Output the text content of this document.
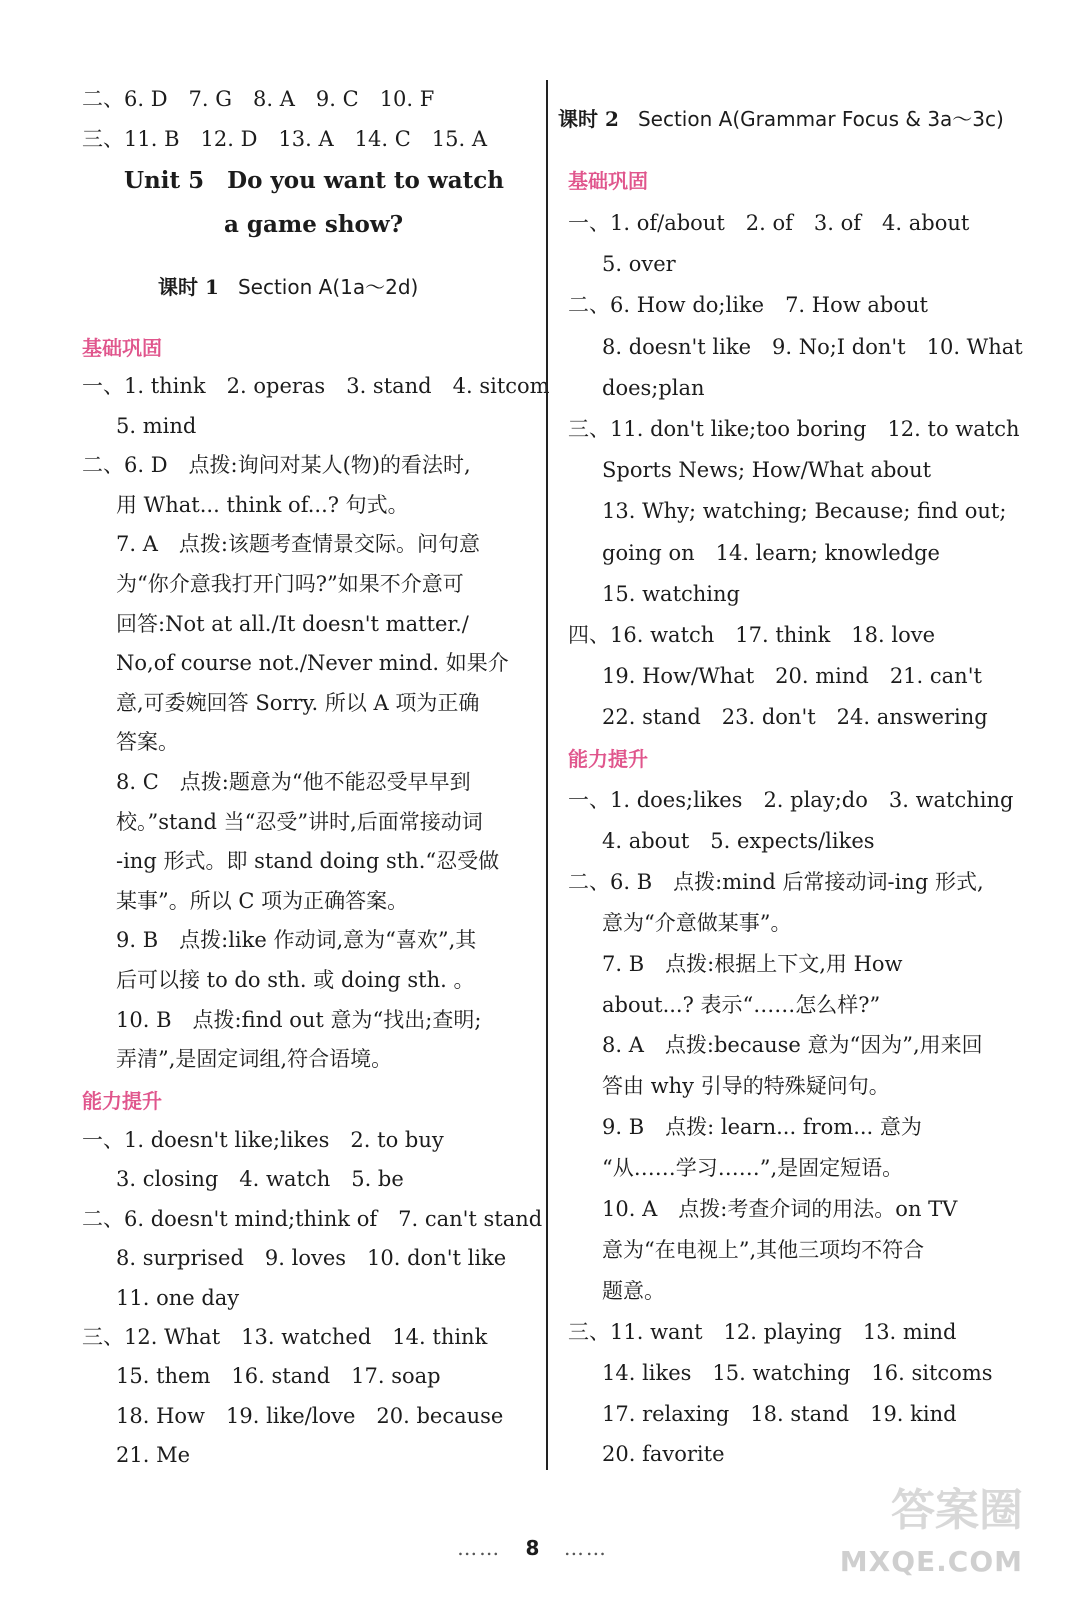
二、6. D　7. G　8. A　9. C　10. F
三、11. B　12. D　13. A　14. C　15. A
Unit 5　Do you want to watch
a game show?
课时 1 Section A(1a～2d)
基础巩固
一、1. think　2. operas　3. stand　4. sitcom
5. mind
二、6. D　点拨:询问对某人(物)的看法时,
用 What... think of...? 句式。
7. A　点拨:该题考查情景交际。问句意
为“你介意我打开门吗?”如果不介意可
回答:Not at all./It doesn't matter./
No,of course not./Never mind. 如果介
意,可委婉回答 Sorry. 所以 A 项为正确
答案。
8. C　点拨:题意为“他不能忍受早早到
校。”stand 当“忍受”讲时,后面常接动词
-ing 形式。即 stand doing sth.“忍受做
某事”。所以 C 项为正确答案。
9. B　点拨:like 作动词,意为“喜欢”,其
后可以接 to do sth. 或 doing sth. 。
10. B　点拨:find out 意为“找出;查明;
弄清”,是固定词组,符合语境。
能力提升
一、1. doesn't like;likes　2. to buy
3. closing　4. watch　5. be
二、6. doesn't mind;think of　7. can't stand
8. surprised　9. loves　10. don't like
11. one day
三、12. What　13. watched　14. think
15. them　16. stand　17. soap
18. How　19. like/love　20. because
21. Me
课时 2 Section A(Grammar Focus & 3a～3c)
基础巩固
一、1. of/about　2. of　3. of　4. about
5. over
二、6. How do;like　7. How about
8. doesn't like　9. No;I don't　10. What
does;plan
三、11. don't like;too boring　12. to watch
Sports News; How/What about
13. Why; watching; Because; find out;
going on　14. learn; knowledge
15. watching
四、16. watch　17. think　18. love
19. How/What　20. mind　21. can't
22. stand　23. don't　24. answering
能力提升
一、1. does;likes　2. play;do　3. watching
4. about　5. expects/likes
二、6. B　点拨:mind 后常接动词-ing 形式,
意为“介意做某事”。
7. B　点拨:根据上下文,用 How
about...? 表示“……怎么样?”
8. A　点拨:because 意为“因为”,用来回
答由 why 引导的特殊疑问句。
9. B　点拨: learn... from... 意为
“从……学习……”,是固定短语。
10. A　点拨:考查介词的用法。on TV
意为“在电视上”,其他三项均不符合
题意。
三、11. want　12. playing　13. mind
14. likes　15. watching　16. sitcoms
17. relaxing　18. stand　19. kind
20. favorite
…… 8 ……
答案圈
MXQE.COM
